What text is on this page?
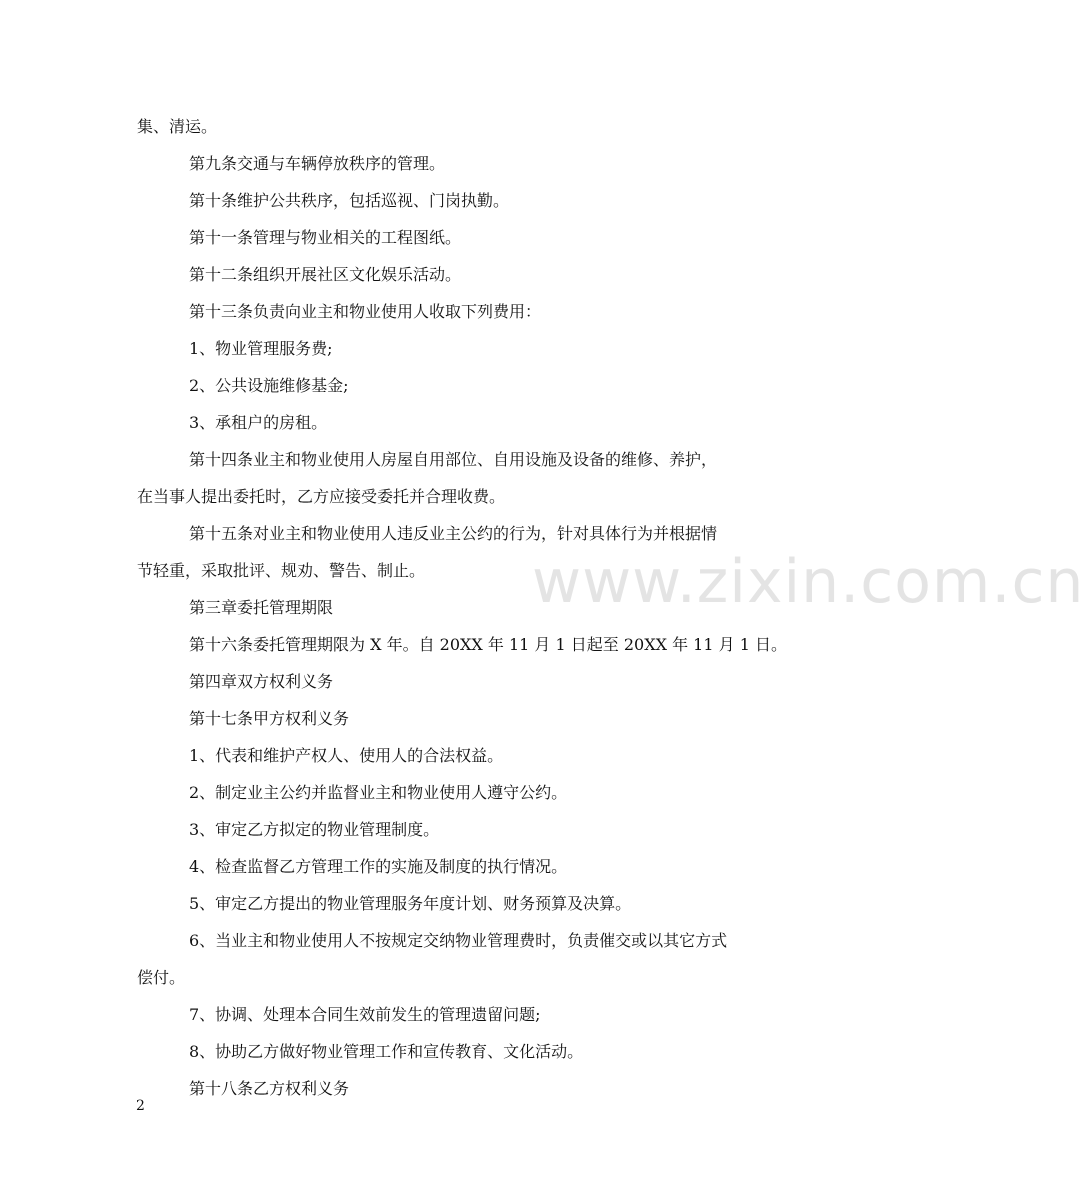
www.zixin.com.cn
集、清运。
第九条交通与车辆停放秩序的管理。
第十条维护公共秩序，包括巡视、门岗执勤。
第十一条管理与物业相关的工程图纸。
第十二条组织开展社区文化娱乐活动。
第十三条负责向业主和物业使用人收取下列费用：
1、物业管理服务费;
2、公共设施维修基金;
3、承租户的房租。
第十四条业主和物业使用人房屋自用部位、自用设施及设备的维修、养护，
在当事人提出委托时，乙方应接受委托并合理收费。
第十五条对业主和物业使用人违反业主公约的行为，针对具体行为并根据情
节轻重，采取批评、规劝、警告、制止。
第三章委托管理期限
第十六条委托管理期限为 X 年。自 20XX 年 11 月 1 日起至 20XX 年 11 月 1 日。
第四章双方权利义务
第十七条甲方权利义务
1、代表和维护产权人、使用人的合法权益。
2、制定业主公约并监督业主和物业使用人遵守公约。
3、审定乙方拟定的物业管理制度。
4、检查监督乙方管理工作的实施及制度的执行情况。
5、审定乙方提出的物业管理服务年度计划、财务预算及决算。
6、当业主和物业使用人不按规定交纳物业管理费时，负责催交或以其它方式
偿付。
7、协调、处理本合同生效前发生的管理遗留问题;
8、协助乙方做好物业管理工作和宣传教育、文化活动。
第十八条乙方权利义务
2
